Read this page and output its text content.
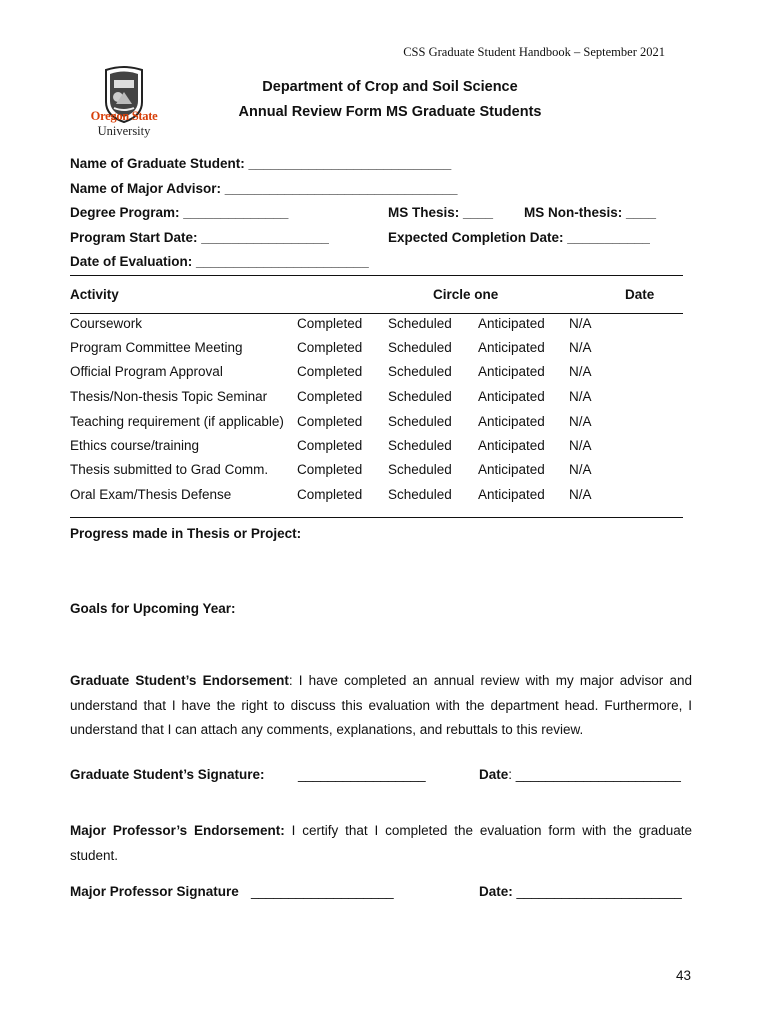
CSS Graduate Student Handbook – September 2021
Oregon State
University
Department of Crop and Soil Science
Annual Review Form MS Graduate Students
Name of Graduate Student: ___________________________
Name of Major Advisor: _______________________________
Degree Program: ______________	MS Thesis: ____ MS Non-thesis: ____
Program Start Date: _________________	Expected Completion Date: ___________
Date of Evaluation: _______________________
Activity	Circle one	Date
Coursework	Completed Scheduled Anticipated N/A
Program Committee Meeting	Completed Scheduled Anticipated N/A
Official Program Approval	Completed Scheduled Anticipated N/A
Thesis/Non-thesis Topic Seminar Completed Scheduled Anticipated N/A
Teaching requirement (if applicable) Completed Scheduled Anticipated N/A
Ethics course/training	Completed Scheduled Anticipated N/A
Thesis submitted to Grad Comm. Completed Scheduled Anticipated N/A
Oral Exam/Thesis Defense	Completed Scheduled Anticipated N/A
Progress made in Thesis or Project:
Goals for Upcoming Year:
Graduate Student’s Endorsement: I have completed an annual review with my major advisor and understand that I have the right to discuss this evaluation with the department head. Furthermore, I understand that I can attach any comments, explanations, and rebuttals to this review.
Graduate Student’s Signature: _________________	Date: ______________________
Major Professor’s Endorsement: I certify that I completed the evaluation form with the graduate student.
Major Professor Signature ___________________	Date: ______________________
43
